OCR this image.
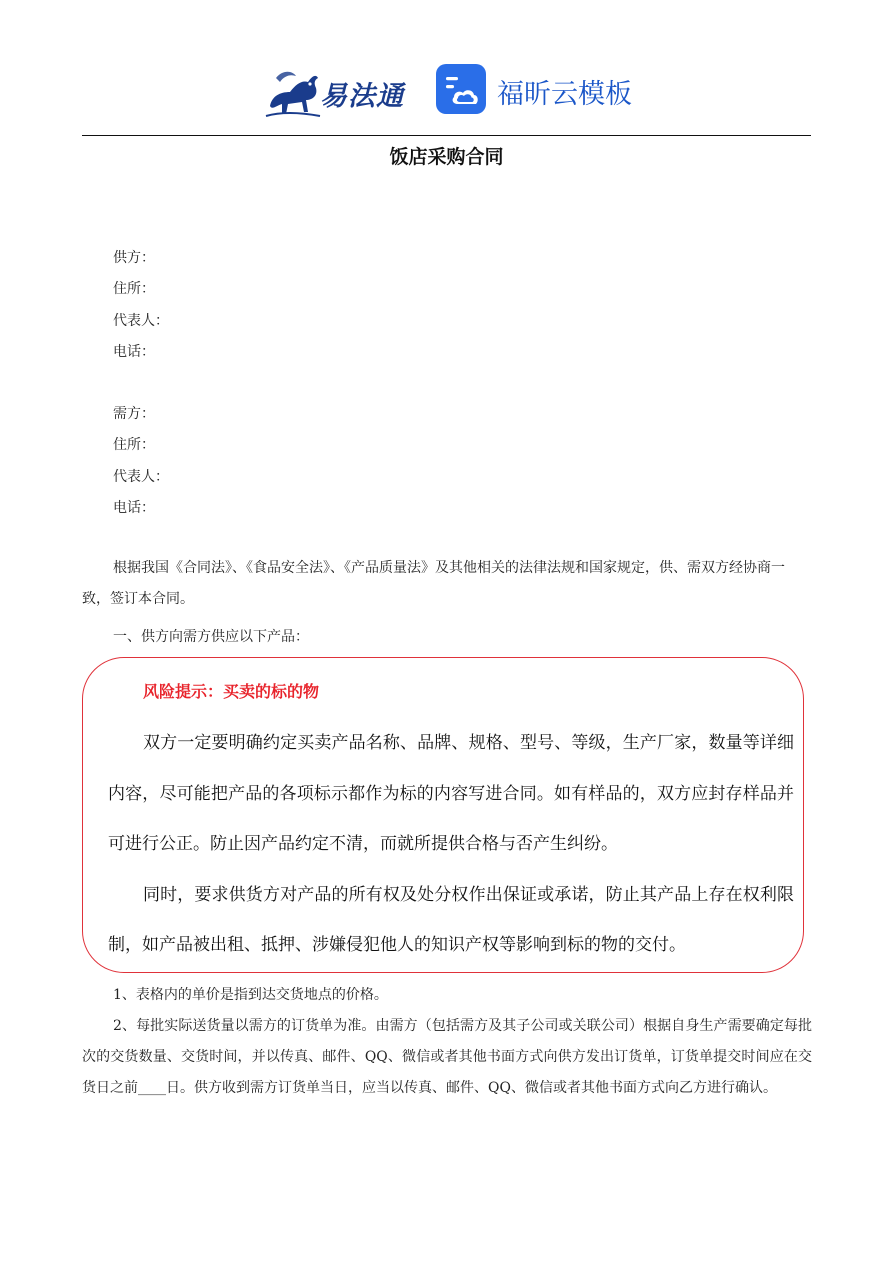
易法通	福昕云模板
饭店采购合同
供方：
住所：
代表人：
电话：
需方：
住所：
代表人：
电话：
根据我国《合同法》、《食品安全法》、《产品质量法》及其他相关的法律法规和国家规定，供、需双方经协商一致，签订本合同。
一、供方向需方供应以下产品：
风险提示：买卖的标的物

双方一定要明确约定买卖产品名称、品牌、规格、型号、等级，生产厂家，数量等详细内容，尽可能把产品的各项标示都作为标的内容写进合同。如有样品的，双方应封存样品并可进行公正。防止因产品约定不清，而就所提供合格与否产生纠纷。

同时，要求供货方对产品的所有权及处分权作出保证或承诺，防止其产品上存在权利限制，如产品被出租、抵押、涉嫌侵犯他人的知识产权等影响到标的物的交付。

1、表格内的单价是指到达交货地点的价格。
2、每批实际送货量以需方的订货单为准。由需方（包括需方及其子公司或关联公司）根据自身生产需要确定每批次的交货数量、交货时间，并以传真、邮件、QQ、微信或者其他书面方式向供方发出订货单，订货单提交时间应在交货日之前____日。供方收到需方订货单当日，应当以传真、邮件、QQ、微信或者其他书面方式向乙方进行确认。
